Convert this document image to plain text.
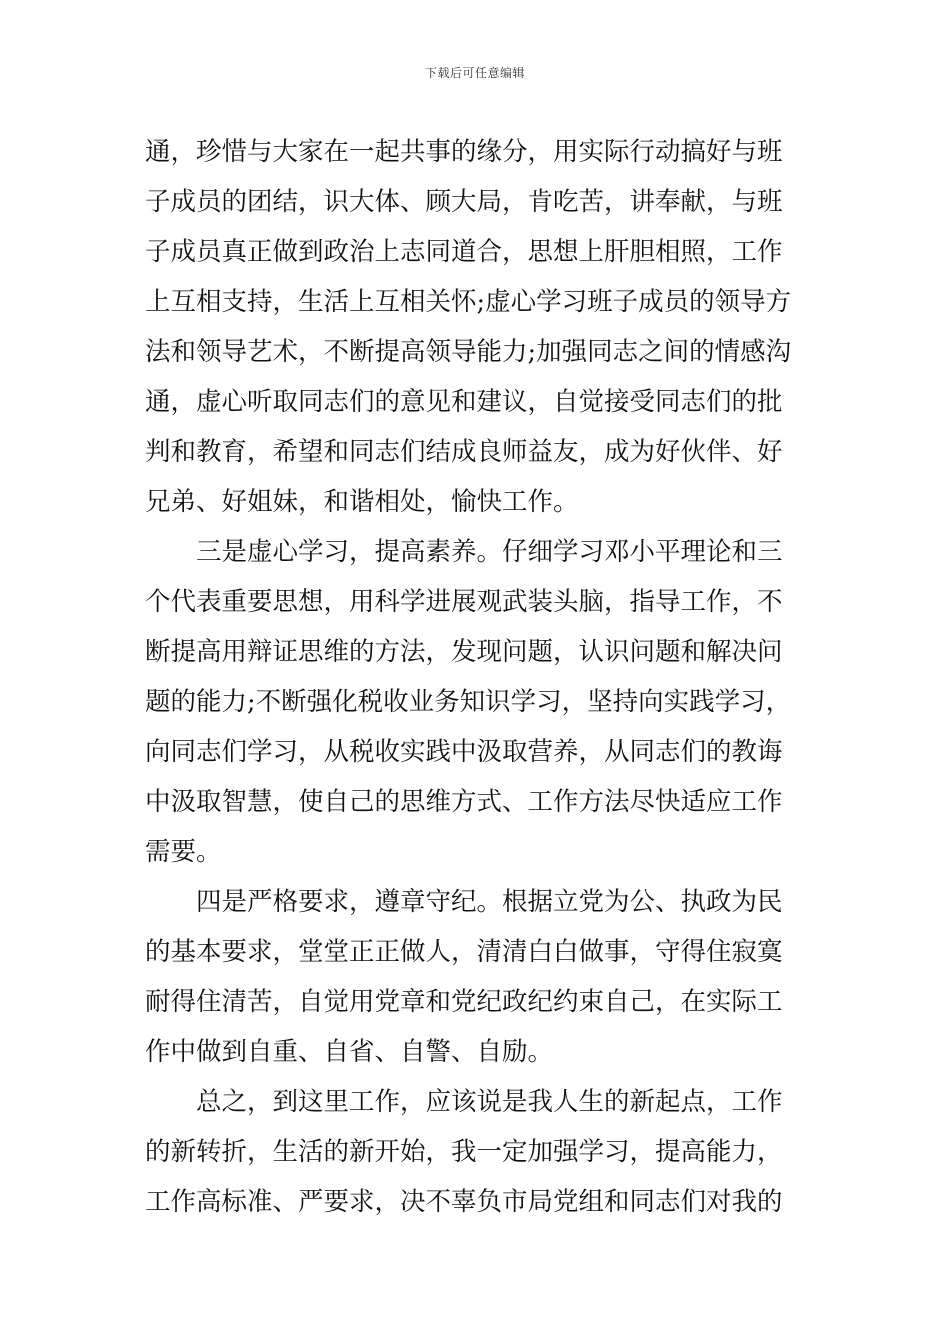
下载后可任意编辑
通，珍惜与大家在一起共事的缘分，用实际行动搞好与班
子成员的团结，识大体、顾大局，肯吃苦，讲奉献，与班
子成员真正做到政治上志同道合，思想上肝胆相照，工作
上互相支持，生活上互相关怀;虚心学习班子成员的领导方
法和领导艺术，不断提高领导能力;加强同志之间的情感沟
通，虚心听取同志们的意见和建议，自觉接受同志们的批
判和教育，希望和同志们结成良师益友，成为好伙伴、好
兄弟、好姐妹，和谐相处，愉快工作。
三是虚心学习，提高素养。仔细学习邓小平理论和三
个代表重要思想，用科学进展观武装头脑，指导工作，不
断提高用辩证思维的方法，发现问题，认识问题和解决问
题的能力;不断强化税收业务知识学习，坚持向实践学习，
向同志们学习，从税收实践中汲取营养，从同志们的教诲
中汲取智慧，使自己的思维方式、工作方法尽快适应工作
需要。
四是严格要求，遵章守纪。根据立党为公、执政为民
的基本要求，堂堂正正做人，清清白白做事，守得住寂寞
耐得住清苦，自觉用党章和党纪政纪约束自己，在实际工
作中做到自重、自省、自警、自励。
总之，到这里工作，应该说是我人生的新起点，工作
的新转折，生活的新开始，我一定加强学习，提高能力，
工作高标准、严要求，决不辜负市局党组和同志们对我的
